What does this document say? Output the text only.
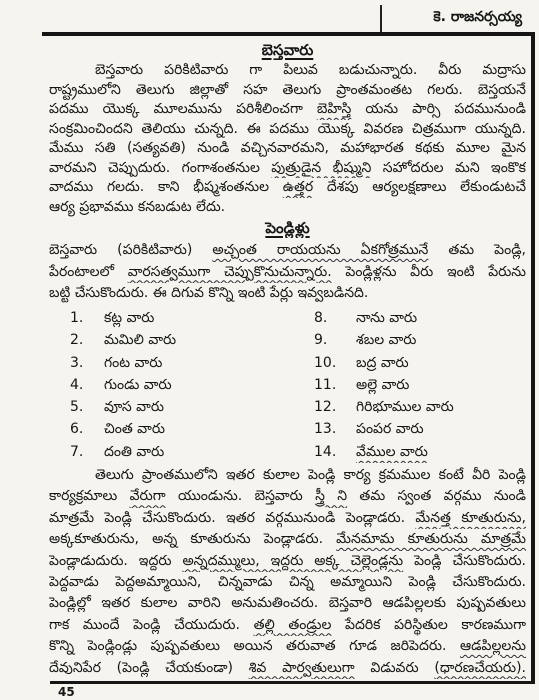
కె. రాజనర్సయ్య
బెస్తవారు
బెస్తవారు పరికిటివారు గా పిలువ బడుచున్నారు. వీరు మద్రాసు
రాష్ట్రములోని తెలుగు జిల్లాతో సహ తెలుగు ప్రాంతమంతట గలరు. బెస్తయనే
పదము యొక్క మూలమును పరిశీలించగా బెహిస్తి యను పార్సి పదమునుండి
సంక్రమించిందని తెలియు చున్నది. ఈ పదము యొక్క వివరణ చిత్రముగా యున్నది.
మేము సతి (సత్యవతి) నుండి వచ్చినవారమని, మహాభారత కథకు మూల మైన
వారమని చెప్పుదురు. గంగాశంతనుల పుత్రుడైన భీష్ముని సహోదరుల మని ఇంకొక
వాదము గలదు. కాని భీష్మశంతనుల ఉత్తర దేశపు ఆర్యలక్షణాలు లేకుండుటచే
ఆర్య ప్రభావము కనబడుట లేదు.
పెండ్లిళ్లు
బెస్తవారు (పరికిటివారు) అచ్చంత రాయయను ఏకగోత్రమునే తమ పెండ్లి,
పేరంటాలలో వారసత్వముగా చెప్పుకొనుచున్నారు. పెండ్లిళ్లను వీరు ఇంటి పేరును
బట్టి చేసుకొందురు. ఈ దిగువ కొన్ని ఇంటి పేర్లు ఇవ్వబడినది.
1. కట్ల వారు
2. మమిలి వారు
3. గంట వారు
4. గుండు వారు
5. వూస వారు
6. చింత వారు
7. దంతి వారు
8. నాను వారు
9. శబల వారు
10. బద్ర వారు
11. అల్లె వారు
12. గిరిభూముల వారు
13. పంపర వారు
14. వేముల వారు
తెలుగు ప్రాంతములోని ఇతర కులాల పెండ్లి కార్య క్రమముల కంటే వీరి పెండ్లి
కార్యక్రమాలు వేరుగా యుండును. బెస్తవారు స్త్రీ ని తమ స్వంత వర్గము నుండి
మాత్రమే పెండ్లి చేసుకొందురు. ఇతర వర్గమునుండి పెండ్లాడరు. మేనత్త కూతురును,
అక్కకూతురును, అన్న కూతురును పెండ్లాడరు. మేనమామ కూతురును మాత్రమే
పెండ్లాడుదురు. ఇద్దరు అన్నదమ్ములు, ఇద్దరు అక్క చెల్లెండ్లను పెండ్లి చేసుకొందురు.
పెద్దవాడు పెద్దఅమ్మాయిని, చిన్నవాడు చిన్న అమ్మాయిని పెండ్లి చేసుకొందురు.
పెండ్లిల్లో ఇతర కులాల వారిని అనుమతించరు. బెస్తవారి ఆడపిల్లలకు పుష్పవతులు
గాక ముందే పెండ్లి చేయుదురు. తల్లి తండ్రుల పేదరిక పరిస్థితుల కారణముగా
కొన్ని పెండ్లిండ్లు పుష్పవతులు అయిన తరువాత గూడ జరిపెదరు. ఆడపిల్లలను
దేవునిపేర (పెండ్లి చేయకుండా) శివ పార్వతులుగా విడువరు (ధారణచేయరు).
45
